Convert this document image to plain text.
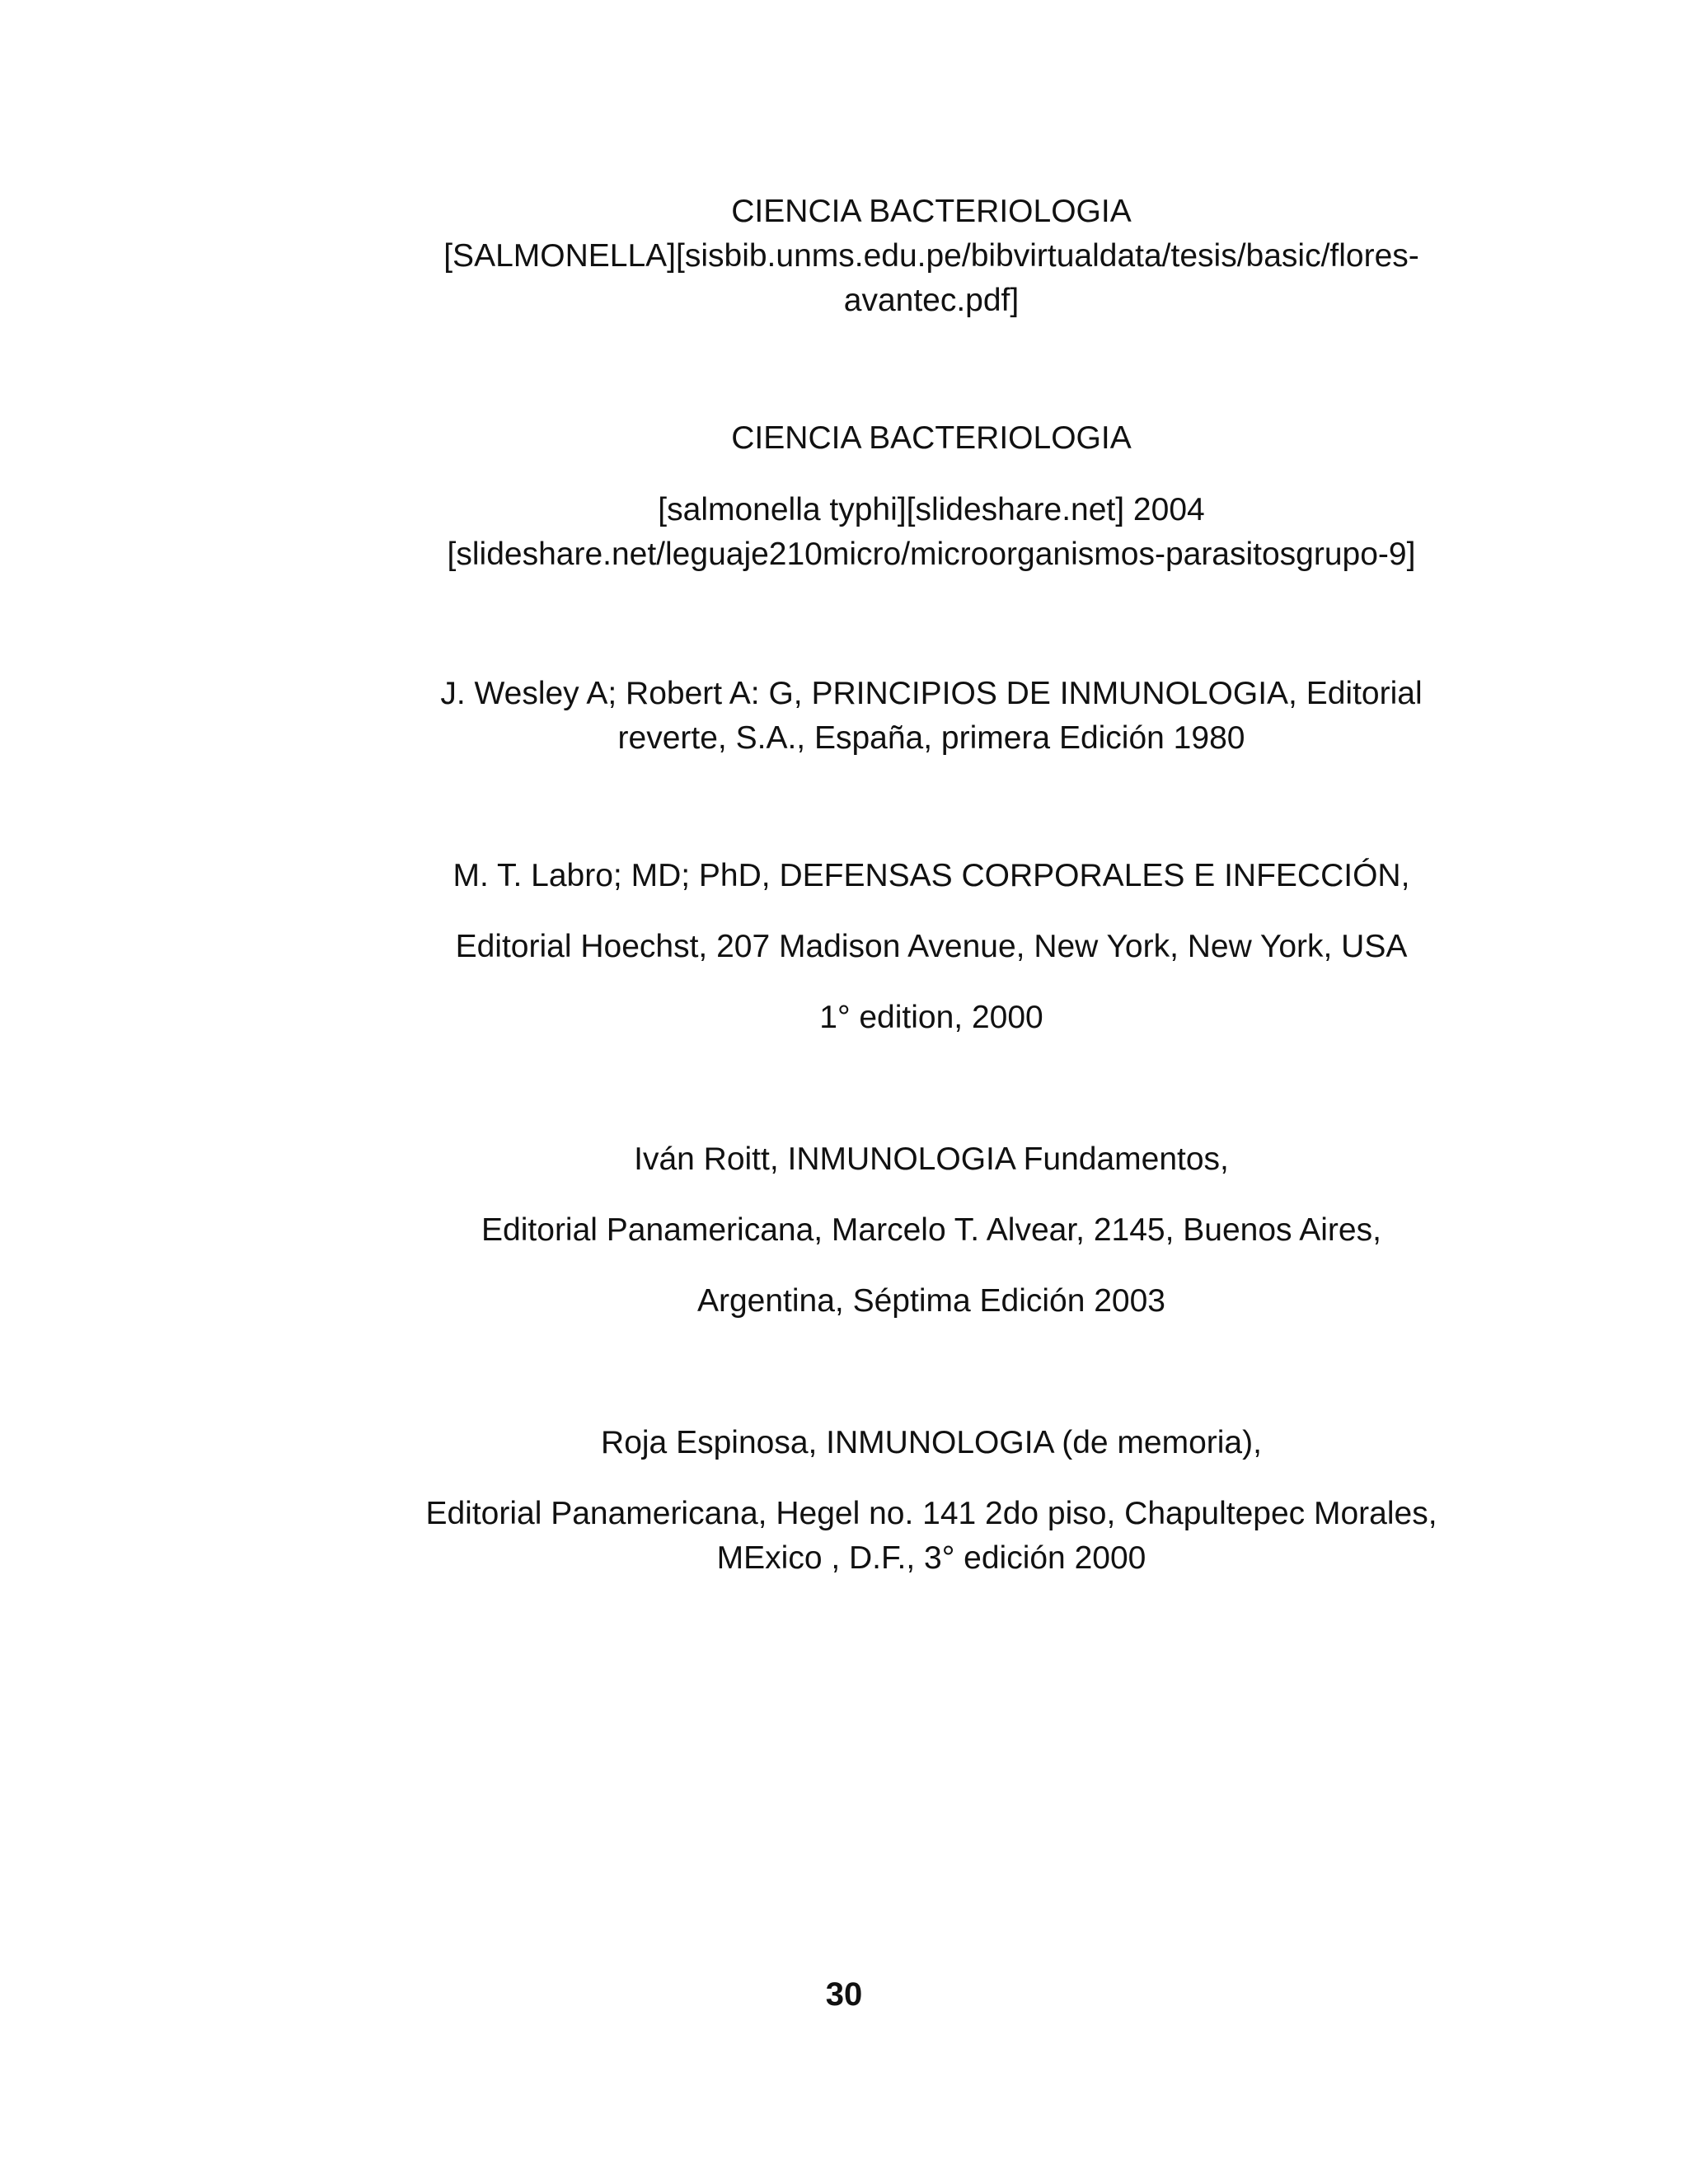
CIENCIA BACTERIOLOGIA

[SALMONELLA][sisbib.unms.edu.pe/bibvirtualdata/tesis/basic/flores-

avantec.pdf]

CIENCIA BACTERIOLOGIA

[salmonella typhi][slideshare.net] 2004

[slideshare.net/leguaje210micro/microorganismos-parasitosgrupo-9]

J. Wesley A; Robert A: G, PRINCIPIOS DE INMUNOLOGIA, Editorial

reverte, S.A., España, primera Edición 1980

M. T. Labro; MD; PhD, DEFENSAS CORPORALES E INFECCIÓN,

Editorial Hoechst, 207 Madison Avenue, New York, New York, USA

1° edition, 2000

Iván Roitt, INMUNOLOGIA Fundamentos,

Editorial Panamericana, Marcelo T. Alvear, 2145, Buenos Aires,

Argentina, Séptima Edición 2003

Roja Espinosa, INMUNOLOGIA (de memoria),

Editorial Panamericana, Hegel no. 141 2do piso, Chapultepec Morales,

MExico , D.F., 3° edición 2000

30
